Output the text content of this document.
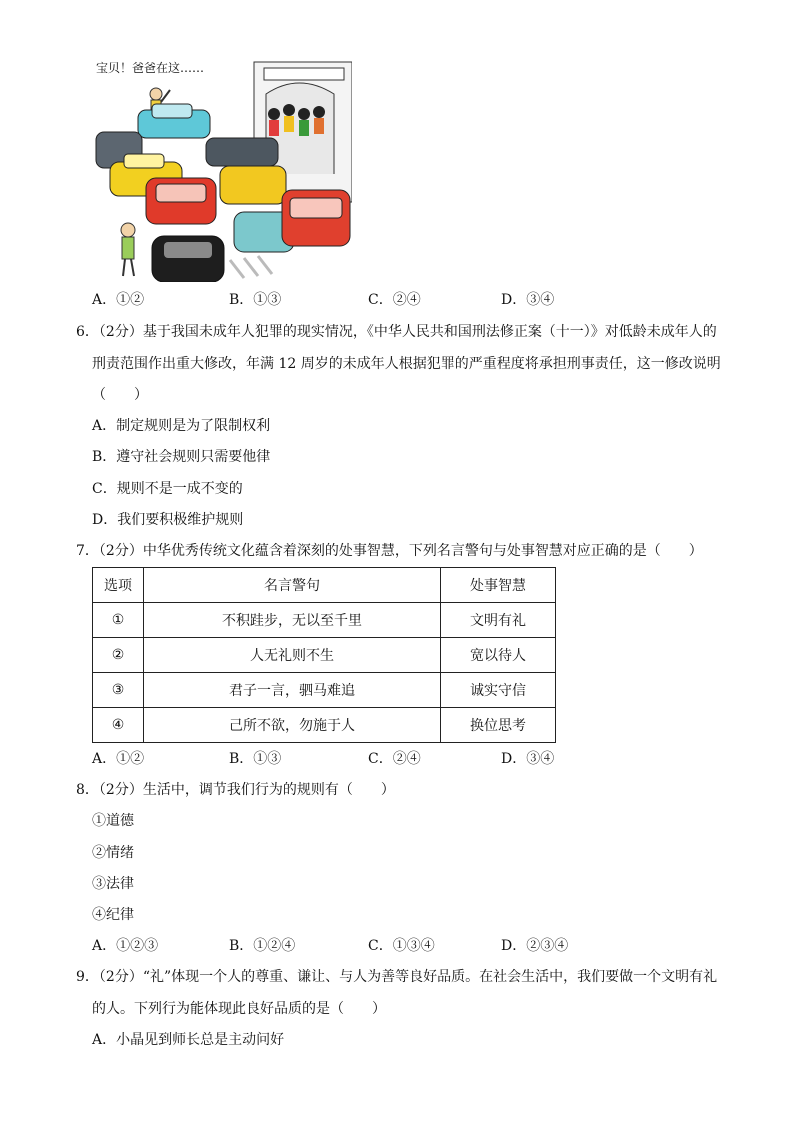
宝贝！爸爸在这……
A．①②	B．①③	C．②④	D．③④
6．（2分）基于我国未成年人犯罪的现实情况，《中华人民共和国刑法修正案（十一）》对低龄未成年人的
刑责范围作出重大修改，年满 12 周岁的未成年人根据犯罪的严重程度将承担刑事责任，这一修改说明
（　　）
A．制定规则是为了限制权利
B．遵守社会规则只需要他律
C．规则不是一成不变的
D．我们要积极维护规则
7．（2分）中华优秀传统文化蕴含着深刻的处事智慧，下列名言警句与处事智慧对应正确的是（　　）
选项	名言警句	处事智慧
①	不积跬步，无以至千里	文明有礼
②	人无礼则不生	宽以待人
③	君子一言，驷马难追	诚实守信
④	己所不欲，勿施于人	换位思考
A．①②	B．①③	C．②④	D．③④
8．（2分）生活中，调节我们行为的规则有（　　）
①道德
②情绪
③法律
④纪律
A．①②③	B．①②④	C．①③④	D．②③④
9．（2分）“礼”体现一个人的尊重、谦让、与人为善等良好品质。在社会生活中，我们要做一个文明有礼
的人。下列行为能体现此良好品质的是（　　）
A．小晶见到师长总是主动问好
